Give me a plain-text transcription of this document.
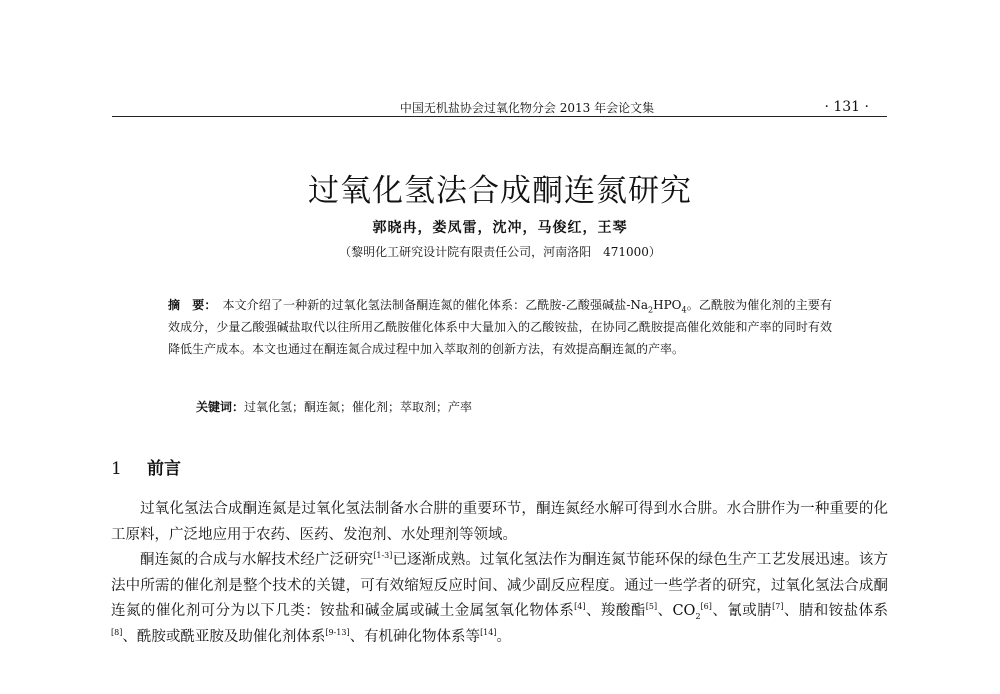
中国无机盐协会过氧化物分会 2013 年会论文集	· 131 ·
过氧化氢法合成酮连氮研究
郭晓冉，娄凤雷，沈冲，马俊红，王琴
（黎明化工研究设计院有限责任公司，河南洛阳　471000）
摘　要： 本文介绍了一种新的过氧化氢法制备酮连氮的催化体系：乙酰胺-乙酸强碱盐$-Na_2HPO_4$。乙酰胺为催化剂的主要有效成分，少量乙酸强碱盐取代以往所用乙酰胺催化体系中大量加入的乙酸铵盐，在协同乙酰胺提高催化效能和产率的同时有效降低生产成本。本文也通过在酮连氮合成过程中加入萃取剂的创新方法，有效提高酮连氮的产率。
关键词：过氧化氢；酮连氮；催化剂；萃取剂；产率
1 前言

过氧化氢法合成酮连氮是过氧化氢法制备水合肼的重要环节，酮连氮经水解可得到水合肼。水合肼作为一种重要的化工原料，广泛地应用于农药、医药、发泡剂、水处理剂等领域。

酮连氮的合成与水解技术经广泛研究[1-3]已逐渐成熟。过氧化氢法作为酮连氮节能环保的绿色生产工艺发展迅速。该方法中所需的催化剂是整个技术的关键，可有效缩短反应时间、减少副反应程度。通过一些学者的研究，过氧化氢法合成酮连氮的催化剂可分为以下几类：铵盐和碱金属或碱土金属氢氧化物体系[4]、羧酸酯[5]、$CO_2[6]$、氰或腈[7]、腈和铵盐体系[8]、酰胺或酰亚胺及助催化剂体系[9-13]、有机砷化物体系等[14]。
